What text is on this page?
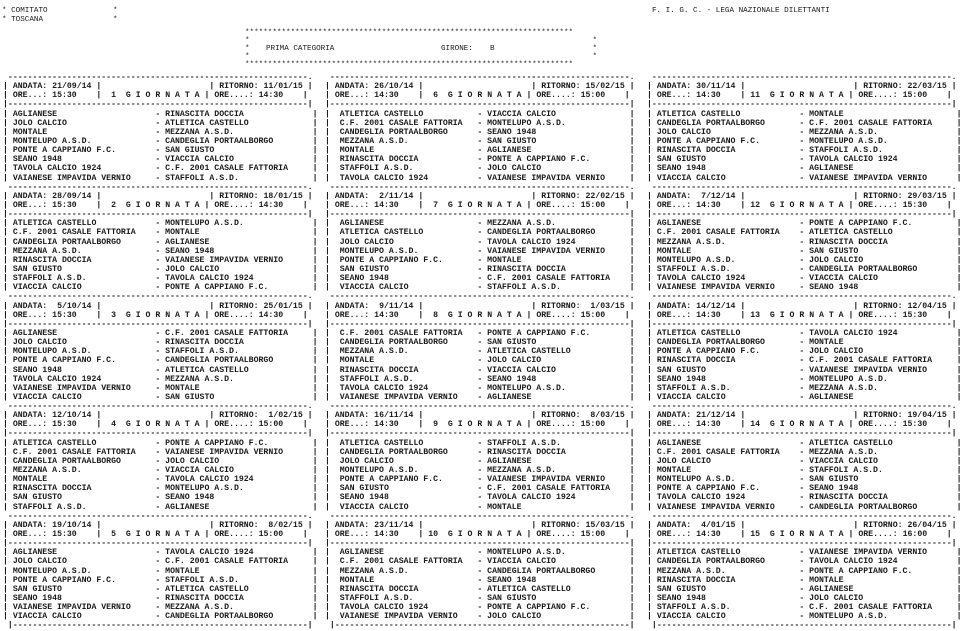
* COMITATO	*
* TOSCANA	*
F. I. G. C. - LEGA NAZIONALE DILETTANTI
************************************************************************
*	*
* PRIMA CATEGORIA	GIRONE: B	*
*	*
************************************************************************
-------------------------------------------------------------.
| ANDATA: 21/09/14 |                      | RITORNO: 11/01/15 |
| ORE...: 15:30    |  1  G I O R N A T A | ORE....: 14:30    |
|-------------------------------------------------------------|
| AGLIANESE                    - RINASCITA DOCCIA              |
| JOLO CALCIO                  - ATLETICA CASTELLO             |
| MONTALE                      - MEZZANA A.S.D.                |
| MONTELUPO A.S.D.             - CANDEGLIA PORTAALBORGO        |
| PONTE A CAPPIANO F.C.        - SAN GIUSTO                    |
| SEANO 1948                   - VIACCIA CALCIO                |
| TAVOLA CALCIO 1924           - C.F. 2001 CASALE FATTORIA     |
| VAIANESE IMPAVIDA VERNIO     - STAFFOLI A.S.D.               |
-------------------------------------------------------------.
| ANDATA: 28/09/14 |                      | RITORNO: 18/01/15 |
| ORE...: 15:30    |  2  G I O R N A T A | ORE....: 14:30    |
|-------------------------------------------------------------|
| ATLETICA CASTELLO            - MONTELUPO A.S.D.              |
| C.F. 2001 CASALE FATTORIA    - MONTALE                       |
| CANDEGLIA PORTAALBORGO       - AGLIANESE                     |
| MEZZANA A.S.D.               - SEANO 1948                    |
| RINASCITA DOCCIA             - VAIANESE IMPAVIDA VERNIO      |
| SAN GIUSTO                   - JOLO CALCIO                   |
| STAFFOLI A.S.D.              - TAVOLA CALCIO 1924            |
| VIACCIA CALCIO               - PONTE A CAPPIANO F.C.         |
-------------------------------------------------------------.
| ANDATA:  5/10/14 |                      | RITORNO: 25/01/15 |
| ORE...: 15:30    |  3  G I O R N A T A | ORE....: 14:30    |
|-------------------------------------------------------------|
| AGLIANESE                    - C.F. 2001 CASALE FATTORIA     |
| JOLO CALCIO                  - RINASCITA DOCCIA              |
| MONTELUPO A.S.D.             - STAFFOLI A.S.D.               |
| PONTE A CAPPIANO F.C.        - CANDEGLIA PORTAALBORGO        |
| SEANO 1948                   - ATLETICA CASTELLO             |
| TAVOLA CALCIO 1924           - MEZZANA A.S.D.                |
| VAIANESE IMPAVIDA VERNIO     - MONTALE                       |
| VIACCIA CALCIO               - SAN GIUSTO                    |
-------------------------------------------------------------.
| ANDATA: 12/10/14 |                      | RITORNO:  1/02/15 |
| ORE...: 15:30    |  4  G I O R N A T A | ORE....: 15:00    |
|-------------------------------------------------------------|
| ATLETICA CASTELLO            - PONTE A CAPPIANO F.C.         |
| C.F. 2001 CASALE FATTORIA    - VAIANESE IMPAVIDA VERNIO      |
| CANDEGLIA PORTAALBORGO       - JOLO CALCIO                   |
| MEZZANA A.S.D.               - VIACCIA CALCIO                |
| MONTALE                      - TAVOLA CALCIO 1924            |
| RINASCITA DOCCIA             - MONTELUPO A.S.D.              |
| SAN GIUSTO                   - SEANO 1948                    |
| STAFFOLI A.S.D.              - AGLIANESE                     |
-------------------------------------------------------------.
| ANDATA: 19/10/14 |                      | RITORNO:  8/02/15 |
| ORE...: 15:30    |  5  G I O R N A T A | ORE....: 15:00    |
|-------------------------------------------------------------|
| AGLIANESE                    - TAVOLA CALCIO 1924            |
| JOLO CALCIO                  - C.F. 2001 CASALE FATTORIA     |
| MONTELUPO A.S.D.             - MONTALE                       |
| PONTE A CAPPIANO F.C.        - STAFFOLI A.S.D.               |
| SAN GIUSTO                   - ATLETICA CASTELLO             |
| SEANO 1948                   - RINASCITA DOCCIA              |
| VAIANESE IMPAVIDA VERNIO     - MEZZANA A.S.D.                |
| VIACCIA CALCIO               - CANDEGLIA PORTAALBORGO        |
|------------------------------------------------------------|
-------------------------------------------------------------.
| ANDATA: 26/10/14 |                      | RITORNO: 15/02/15 |
| ORE...: 14:30    |  6  G I O R N A T A | ORE....: 15:00    |
|-------------------------------------------------------------|
|  ATLETICA CASTELLO           - VIACCIA CALCIO               |
|  C.F. 2001 CASALE FATTORIA   - MONTELUPO A.S.D.             |
|  CANDEGLIA PORTAALBORGO      - SEANO 1948                   |
|  MEZZANA A.S.D.              - SAN GIUSTO                   |
|  MONTALE                     - AGLIANESE                    |
|  RINASCITA DOCCIA            - PONTE A CAPPIANO F.C.        |
|  STAFFOLI A.S.D.             - JOLO CALCIO                  |
|  TAVOLA CALCIO 1924          - VAIANESE IMPAVIDA VERNIO     |
-------------------------------------------------------------.
| ANDATA:  2/11/14 |                      | RITORNO: 22/02/15 |
| ORE...: 14:30    |  7  G I O R N A T A | ORE....: 15:00    |
|-------------------------------------------------------------|
|  AGLIANESE                   - MEZZANA A.S.D.               |
|  ATLETICA CASTELLO           - CANDEGLIA PORTAALBORGO       |
|  JOLO CALCIO                 - TAVOLA CALCIO 1924           |
|  MONTELUPO A.S.D.            - VAIANESE IMPAVIDA VERNIO     |
|  PONTE A CAPPIANO F.C.       - MONTALE                      |
|  SAN GIUSTO                  - RINASCITA DOCCIA             |
|  SEANO 1948                  - C.F. 2001 CASALE FATTORIA    |
|  VIACCIA CALCIO              - STAFFOLI A.S.D.              |
-------------------------------------------------------------.
| ANDATA:  9/11/14 |                      | RITORNO:  1/03/15 |
| ORE...: 14:30    |  8  G I O R N A T A | ORE....: 15:00    |
|-------------------------------------------------------------|
|  C.F. 2001 CASALE FATTORIA   - PONTE A CAPPIANO F.C.        |
|  CANDEGLIA PORTAALBORGO      - SAN GIUSTO                   |
|  MEZZANA A.S.D.              - ATLETICA CASTELLO            |
|  MONTALE                     - JOLO CALCIO                  |
|  RINASCITA DOCCIA            - VIACCIA CALCIO               |
|  STAFFOLI A.S.D.             - SEANO 1948                   |
|  TAVOLA CALCIO 1924          - MONTELUPO A.S.D.             |
|  VAIANESE IMPAVIDA VERNIO    - AGLIANESE                    |
-------------------------------------------------------------.
| ANDATA: 16/11/14 |                      | RITORNO:  8/03/15 |
| ORE...: 14:30    |  9  G I O R N A T A | ORE....: 15:00    |
|-------------------------------------------------------------|
|  ATLETICA CASTELLO           - STAFFOLI A.S.D.              |
|  CANDEGLIA PORTAALBORGO      - RINASCITA DOCCIA             |
|  JOLO CALCIO                 - AGLIANESE                    |
|  MONTELUPO A.S.D.            - MEZZANA A.S.D.               |
|  PONTE A CAPPIANO F.C.       - VAIANESE IMPAVIDA VERNIO     |
|  SAN GIUSTO                  - C.F. 2001 CASALE FATTORIA    |
|  SEANO 1948                  - TAVOLA CALCIO 1924           |
|  VIACCIA CALCIO              - MONTALE                      |
-------------------------------------------------------------.
| ANDATA: 23/11/14 |                      | RITORNO: 15/03/15 |
| ORE...: 14:30    | 10  G I O R N A T A | ORE....: 15:00    |
|-------------------------------------------------------------|
|  AGLIANESE                   - MONTELUPO A.S.D.             |
|  C.F. 2001 CASALE FATTORIA   - VIACCIA CALCIO               |
|  MEZZANA A.S.D.              - CANDEGLIA PORTAALBORGO       |
|  MONTALE                     - SEANO 1948                   |
|  RINASCITA DOCCIA            - ATLETICA CASTELLO            |
|  STAFFOLI A.S.D.             - SAN GIUSTO                   |
|  TAVOLA CALCIO 1924          - PONTE A CAPPIANO F.C.        |
|  VAIANESE IMPAVIDA VERNIO    - JOLO CALCIO                  |
|------------------------------------------------------------|
-------------------------------------------------------------.
| ANDATA: 30/11/14 |                      | RITORNO: 22/03/15 |
| ORE...: 14:30    | 11  G I O R N A T A | ORE....: 15:00    |
|-------------------------------------------------------------|
| ATLETICA CASTELLO            - MONTALE                       |
| CANDEGLIA PORTAALBORGO       - C.F. 2001 CASALE FATTORIA     |
| JOLO CALCIO                  - MEZZANA A.S.D.                |
| PONTE A CAPPIANO F.C.        - MONTELUPO A.S.D.              |
| RINASCITA DOCCIA             - STAFFOLI A.S.D.               |
| SAN GIUSTO                   - TAVOLA CALCIO 1924            |
| SEANO 1948                   - AGLIANESE                     |
| VIACCIA CALCIO               - VAIANESE IMPAVIDA VERNIO      |
-------------------------------------------------------------.
| ANDATA:  7/12/14 |                      | RITORNO: 29/03/15 |
| ORE...: 14:30    | 12  G I O R N A T A | ORE....: 15:30    |
|-------------------------------------------------------------|
| AGLIANESE                    - PONTE A CAPPIANO F.C.         |
| C.F. 2001 CASALE FATTORIA    - ATLETICA CASTELLO             |
| MEZZANA A.S.D.               - RINASCITA DOCCIA              |
| MONTALE                      - SAN GIUSTO                    |
| MONTELUPO A.S.D.             - JOLO CALCIO                   |
| STAFFOLI A.S.D.              - CANDEGLIA PORTAALBORGO        |
| TAVOLA CALCIO 1924           - VIACCIA CALCIO                |
| VAIANESE IMPAVIDA VERNIO     - SEANO 1948                    |
-------------------------------------------------------------.
| ANDATA: 14/12/14 |                      | RITORNO: 12/04/15 |
| ORE...: 14:30    | 13  G I O R N A T A | ORE....: 15:30    |
|-------------------------------------------------------------|
| ATLETICA CASTELLO            - TAVOLA CALCIO 1924            |
| CANDEGLIA PORTAALBORGO       - MONTALE                       |
| PONTE A CAPPIANO F.C.        - JOLO CALCIO                   |
| RINASCITA DOCCIA             - C.F. 2001 CASALE FATTORIA     |
| SAN GIUSTO                   - VAIANESE IMPAVIDA VERNIO      |
| SEANO 1948                   - MONTELUPO A.S.D.              |
| STAFFOLI A.S.D.              - MEZZANA A.S.D.                |
| VIACCIA CALCIO               - AGLIANESE                     |
-------------------------------------------------------------.
| ANDATA: 21/12/14 |                      | RITORNO: 19/04/15 |
| ORE...: 14:30    | 14  G I O R N A T A | ORE....: 15:30    |
|-------------------------------------------------------------|
| AGLIANESE                    - ATLETICA CASTELLO             |
| C.F. 2001 CASALE FATTORIA    - MEZZANA A.S.D.                |
| JOLO CALCIO                  - VIACCIA CALCIO                |
| MONTALE                      - STAFFOLI A.S.D.               |
| MONTELUPO A.S.D.             - SAN GIUSTO                    |
| PONTE A CAPPIANO F.C.        - SEANO 1948                    |
| TAVOLA CALCIO 1924           - RINASCITA DOCCIA              |
| VAIANESE IMPAVIDA VERNIO     - CANDEGLIA PORTAALBORGO        |
-------------------------------------------------------------.
| ANDATA:  4/01/15 |                      | RITORNO: 26/04/15 |
| ORE...: 14:30    | 15  G I O R N A T A | ORE....: 16:00    |
|-------------------------------------------------------------|
| ATLETICA CASTELLO            - VAIANESE IMPAVIDA VERNIO      |
| CANDEGLIA PORTAALBORGO       - TAVOLA CALCIO 1924            |
| MEZZANA A.S.D.               - PONTE A CAPPIANO F.C.         |
| RINASCITA DOCCIA             - MONTALE                       |
| SAN GIUSTO                   - AGLIANESE                     |
| SEANO 1948                   - JOLO CALCIO                   |
| STAFFOLI A.S.D.              - C.F. 2001 CASALE FATTORIA     |
| VIACCIA CALCIO               - MONTELUPO A.S.D.              |
|------------------------------------------------------------|
